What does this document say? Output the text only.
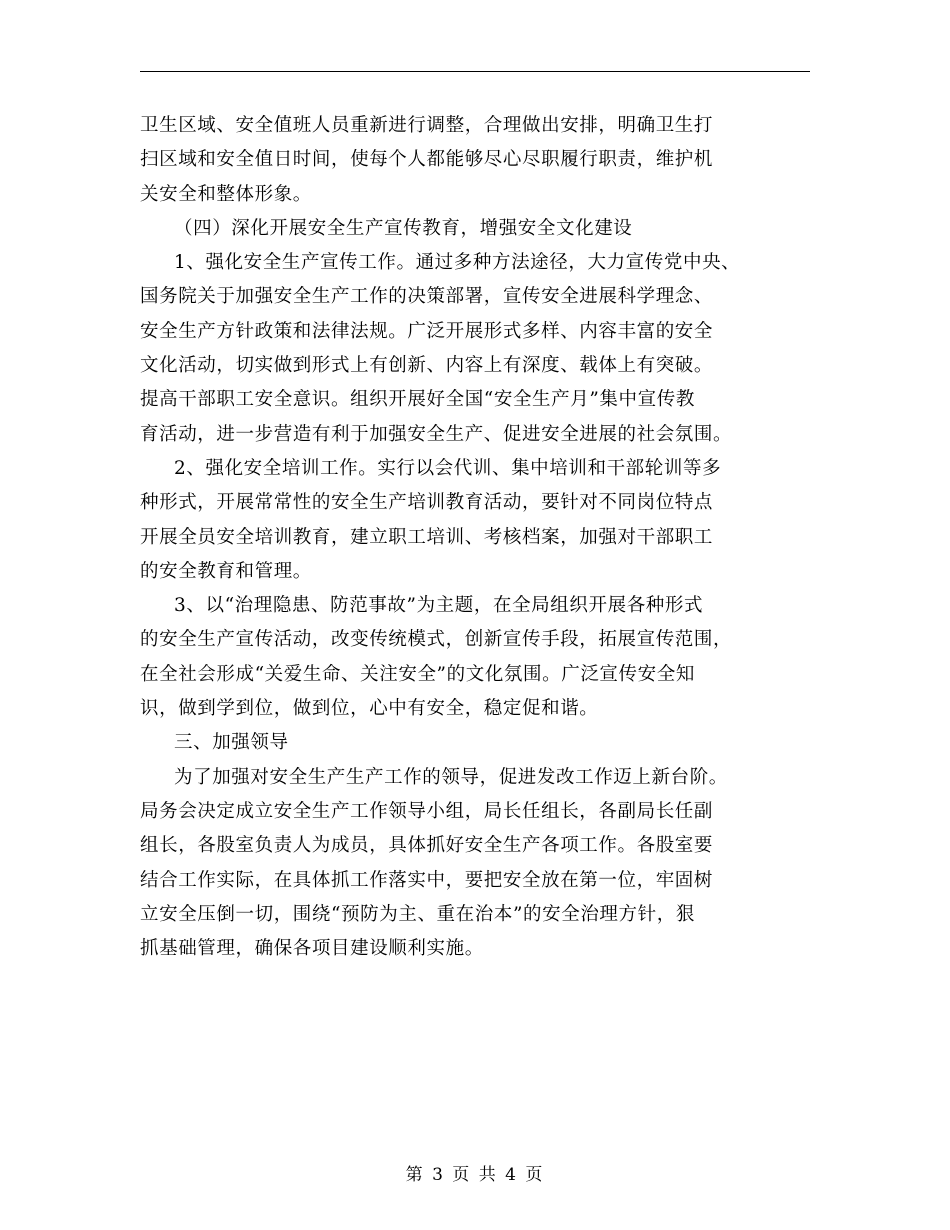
卫生区域、安全值班人员重新进行调整，合理做出安排，明确卫生打
扫区域和安全值日时间，使每个人都能够尽心尽职履行职责，维护机
关安全和整体形象。
（四）深化开展安全生产宣传教育，增强安全文化建设
1、强化安全生产宣传工作。通过多种方法途径，大力宣传党中央、
国务院关于加强安全生产工作的决策部署，宣传安全进展科学理念、
安全生产方针政策和法律法规。广泛开展形式多样、内容丰富的安全
文化活动，切实做到形式上有创新、内容上有深度、载体上有突破。
提高干部职工安全意识。组织开展好全国“安全生产月”集中宣传教
育活动，进一步营造有利于加强安全生产、促进安全进展的社会氛围。
2、强化安全培训工作。实行以会代训、集中培训和干部轮训等多
种形式，开展常常性的安全生产培训教育活动，要针对不同岗位特点
开展全员安全培训教育，建立职工培训、考核档案，加强对干部职工
的安全教育和管理。
3、以“治理隐患、防范事故”为主题，在全局组织开展各种形式
的安全生产宣传活动，改变传统模式，创新宣传手段，拓展宣传范围，
在全社会形成“关爱生命、关注安全”的文化氛围。广泛宣传安全知
识，做到学到位，做到位，心中有安全，稳定促和谐。
三、加强领导
为了加强对安全生产生产工作的领导，促进发改工作迈上新台阶。
局务会决定成立安全生产工作领导小组，局长任组长，各副局长任副
组长，各股室负责人为成员，具体抓好安全生产各项工作。各股室要
结合工作实际，在具体抓工作落实中，要把安全放在第一位，牢固树
立安全压倒一切，围绕“预防为主、重在治本”的安全治理方针，狠
抓基础管理，确保各项目建设顺利实施。
第 3 页 共 4 页
